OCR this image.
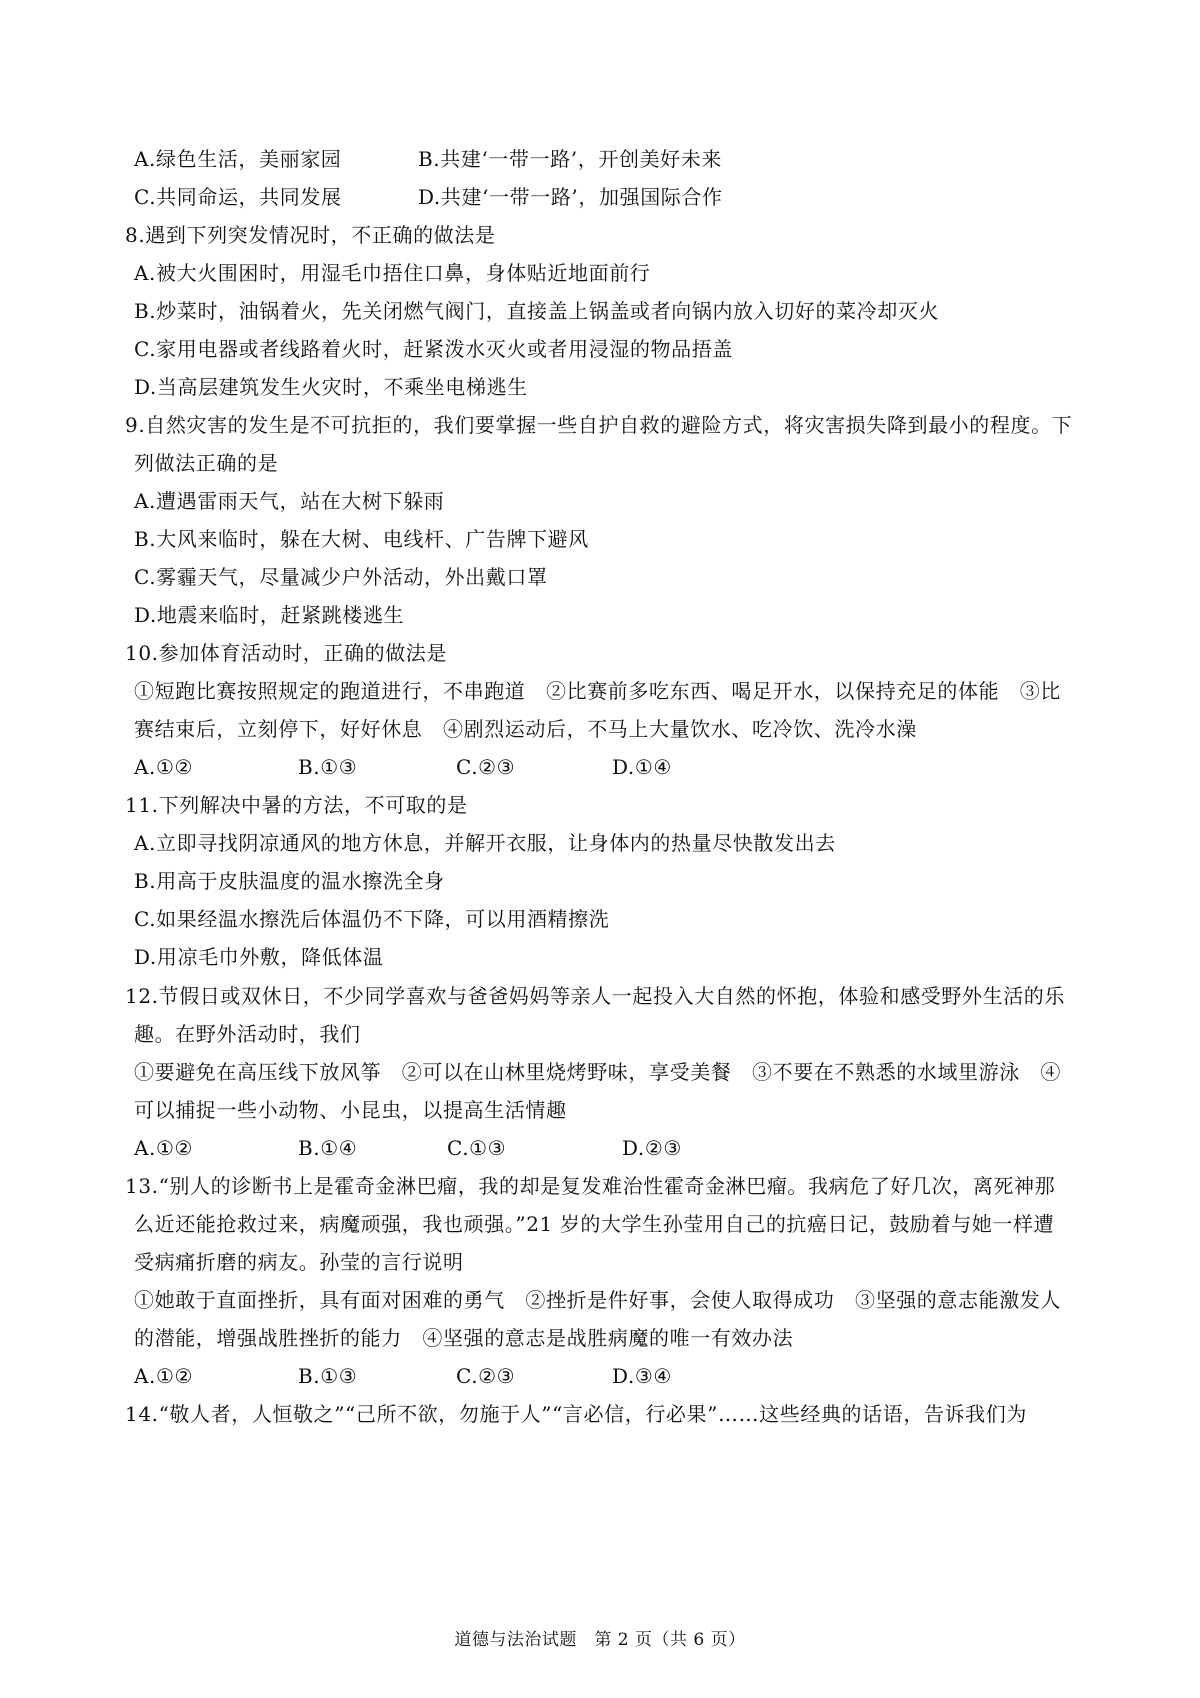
A.绿色生活，美丽家园	B.共建‘一带一路’，开创美好未来
C.共同命运，共同发展	D.共建‘一带一路’，加强国际合作
8.遇到下列突发情况时，不正确的做法是
A.被大火围困时，用湿毛巾捂住口鼻，身体贴近地面前行
B.炒菜时，油锅着火，先关闭燃气阀门，直接盖上锅盖或者向锅内放入切好的菜冷却灭火
C.家用电器或者线路着火时，赶紧泼水灭火或者用浸湿的物品捂盖
D.当高层建筑发生火灾时，不乘坐电梯逃生
9.自然灾害的发生是不可抗拒的，我们要掌握一些自护自救的避险方式，将灾害损失降到最小的程度。下
列做法正确的是
A.遭遇雷雨天气，站在大树下躲雨
B.大风来临时，躲在大树、电线杆、广告牌下避风
C.雾霾天气，尽量减少户外活动，外出戴口罩
D.地震来临时，赶紧跳楼逃生
10.参加体育活动时，正确的做法是
①短跑比赛按照规定的跑道进行，不串跑道　②比赛前多吃东西、喝足开水，以保持充足的体能　③比
赛结束后，立刻停下，好好休息　④剧烈运动后，不马上大量饮水、吃冷饮、洗冷水澡
A.①②	B.①③	C.②③	D.①④
11.下列解决中暑的方法，不可取的是
A.立即寻找阴凉通风的地方休息，并解开衣服，让身体内的热量尽快散发出去
B.用高于皮肤温度的温水擦洗全身
C.如果经温水擦洗后体温仍不下降，可以用酒精擦洗
D.用凉毛巾外敷，降低体温
12.节假日或双休日，不少同学喜欢与爸爸妈妈等亲人一起投入大自然的怀抱，体验和感受野外生活的乐
趣。在野外活动时，我们
①要避免在高压线下放风筝　②可以在山林里烧烤野味，享受美餐　③不要在不熟悉的水域里游泳　④
可以捕捉一些小动物、小昆虫，以提高生活情趣
A.①②	B.①④	C.①③	D.②③
13.“别人的诊断书上是霍奇金淋巴瘤，我的却是复发难治性霍奇金淋巴瘤。我病危了好几次，离死神那
么近还能抢救过来，病魔顽强，我也顽强。”21 岁的大学生孙莹用自己的抗癌日记，鼓励着与她一样遭
受病痛折磨的病友。孙莹的言行说明
①她敢于直面挫折，具有面对困难的勇气　②挫折是件好事，会使人取得成功　③坚强的意志能激发人
的潜能，增强战胜挫折的能力　④坚强的意志是战胜病魔的唯一有效办法
A.①②	B.①③	C.②③	D.③④
14.“敬人者，人恒敬之”“己所不欲，勿施于人”“言必信，行必果”……这些经典的话语，告诉我们为
道德与法治试题　第 2 页（共 6 页）
